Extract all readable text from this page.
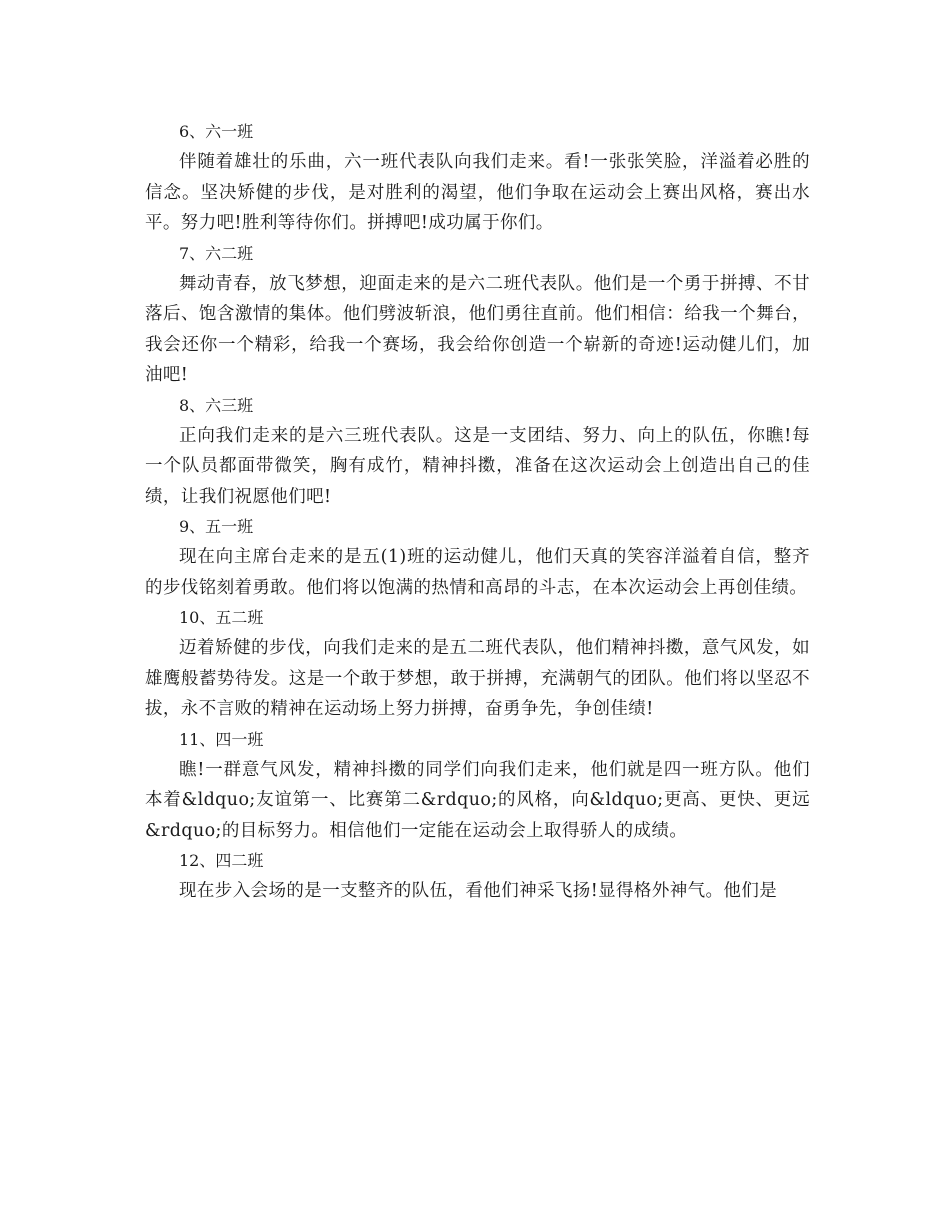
6、六一班

伴随着雄壮的乐曲，六一班代表队向我们走来。看!一张张笑脸，洋溢着必胜的信念。坚决矫健的步伐，是对胜利的渴望，他们争取在运动会上赛出风格，赛出水平。努力吧!胜利等待你们。拼搏吧!成功属于你们。

7、六二班

舞动青春，放飞梦想，迎面走来的是六二班代表队。他们是一个勇于拼搏、不甘落后、饱含激情的集体。他们劈波斩浪，他们勇往直前。他们相信：给我一个舞台，我会还你一个精彩，给我一个赛场，我会给你创造一个崭新的奇迹!运动健儿们，加油吧!

8、六三班

正向我们走来的是六三班代表队。这是一支团结、努力、向上的队伍，你瞧!每一个队员都面带微笑，胸有成竹，精神抖擞，准备在这次运动会上创造出自己的佳绩，让我们祝愿他们吧!

9、五一班

现在向主席台走来的是五(1)班的运动健儿，他们天真的笑容洋溢着自信，整齐的步伐铭刻着勇敢。他们将以饱满的热情和高昂的斗志，在本次运动会上再创佳绩。

10、五二班

迈着矫健的步伐，向我们走来的是五二班代表队，他们精神抖擞，意气风发，如雄鹰般蓄势待发。这是一个敢于梦想，敢于拼搏，充满朝气的团队。他们将以坚忍不拔，永不言败的精神在运动场上努力拼搏，奋勇争先，争创佳绩!

11、四一班

瞧!一群意气风发，精神抖擞的同学们向我们走来，他们就是四一班方队。他们本着&ldquo;友谊第一、比赛第二&rdquo;的风格，向&ldquo;更高、更快、更远&rdquo;的目标努力。相信他们一定能在运动会上取得骄人的成绩。

12、四二班

现在步入会场的是一支整齐的队伍，看他们神采飞扬!显得格外神气。他们是
